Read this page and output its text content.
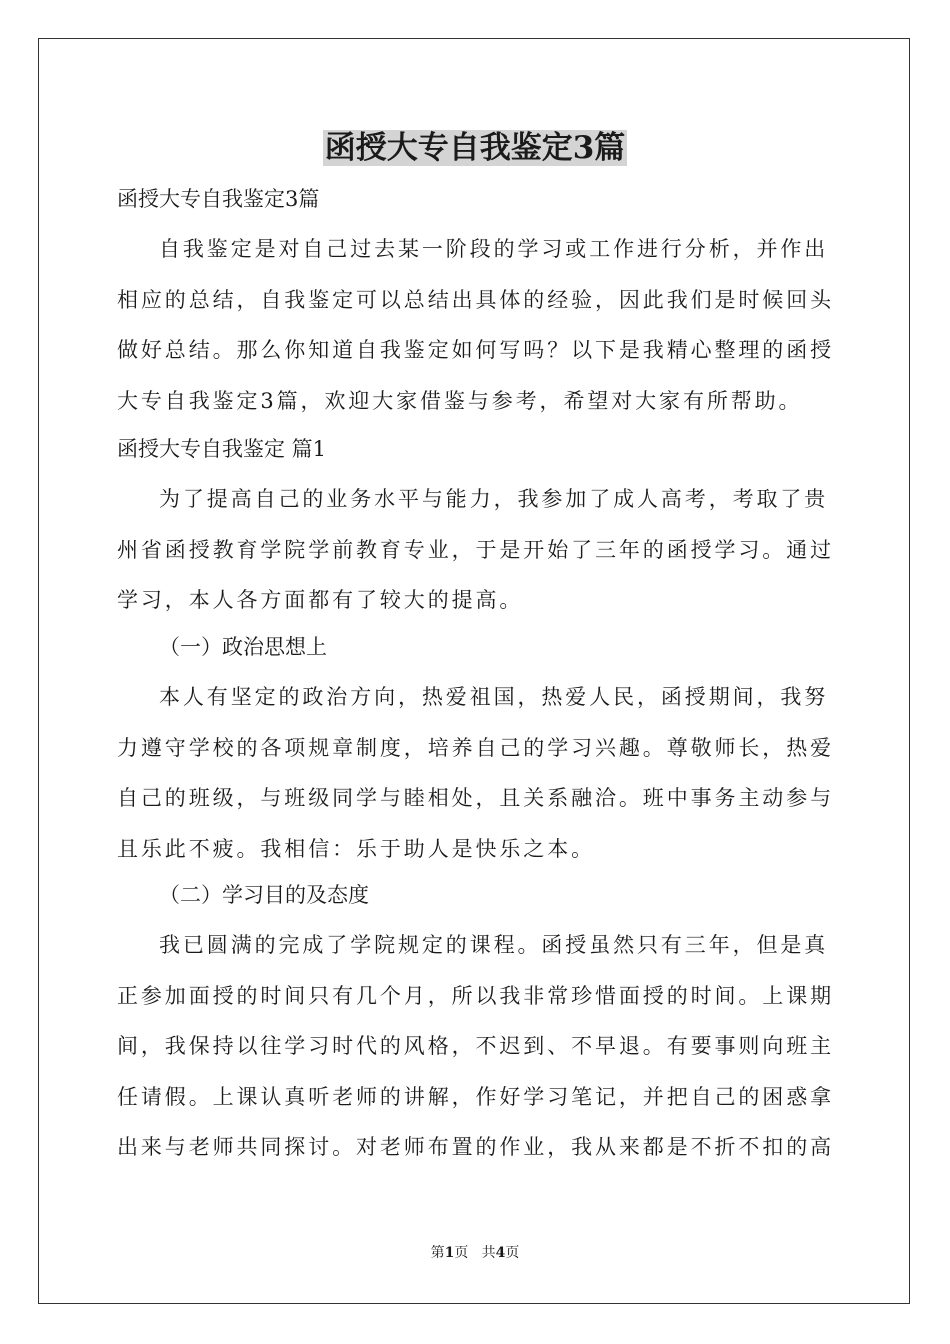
函授大专自我鉴定3篇

函授大专自我鉴定3篇

自我鉴定是对自己过去某一阶段的学习或工作进行分析，并作出相应的总结，自我鉴定可以总结出具体的经验，因此我们是时候回头做好总结。那么你知道自我鉴定如何写吗？以下是我精心整理的函授大专自我鉴定3篇，欢迎大家借鉴与参考，希望对大家有所帮助。

函授大专自我鉴定 篇1

为了提高自己的业务水平与能力，我参加了成人高考，考取了贵州省函授教育学院学前教育专业，于是开始了三年的函授学习。通过学习，本人各方面都有了较大的提高。

（一）政治思想上

本人有坚定的政治方向，热爱祖国，热爱人民，函授期间，我努力遵守学校的各项规章制度，培养自己的学习兴趣。尊敬师长，热爱自己的班级，与班级同学与睦相处，且关系融洽。班中事务主动参与且乐此不疲。我相信：乐于助人是快乐之本。

（二）学习目的及态度

我已圆满的完成了学院规定的课程。函授虽然只有三年，但是真正参加面授的时间只有几个月，所以我非常珍惜面授的时间。上课期间，我保持以往学习时代的风格，不迟到、不早退。有要事则向班主任请假。上课认真听老师的讲解，作好学习笔记，并把自己的困惑拿出来与老师共同探讨。对老师布置的作业，我从来都是不折不扣的高

第1页 共4页
